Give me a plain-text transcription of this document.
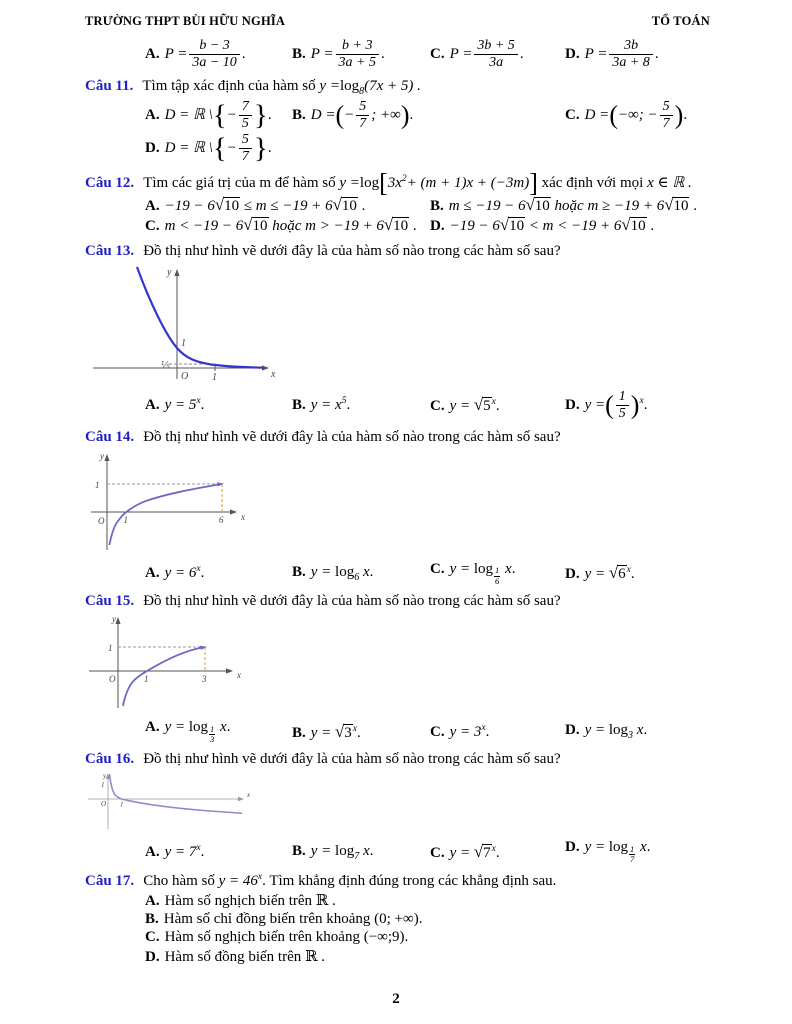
TRƯỜNG THPT BÙI HỮU NGHĨA	TỔ TOÁN
A. $P = \frac{b - 3}{3a - 10}$ .	B. $P = \frac{b + 3}{3a + 5}$ .	C. $P = \frac{3b + 5}{3a}$ .	D. $P = \frac{3b}{3a + 8}$ .
Câu 11. Tìm tập xác định của hàm số $y =\log_8(7x + 5)$ .
A. D = ℝ \{− $\frac{7}{5}$ }.	B. D =(− $\frac{5}{7}$ ; +∞).	C. D =(−∞; − $\frac{5}{7}$ ).
D. D = ℝ \{− $\frac{5}{7}$ }.
Câu 12. Tìm các giá trị của m để hàm số $y =\log[3x^2+ (m + 1)x + (-3m)]$ xác định với mọi x ∈ ℝ .
A. −19 − 6√10 ≤ m ≤ −19 + 6√10 .	B. m ≤ −19 − 6√10 hoặc m ≥ −19 + 6√10 .
C. m < −19 − 6√10 hoặc m > −19 + 6√10 . D. −19 − 6√10 < m < −19 + 6√10 .
Câu 13. Đồ thị như hình vẽ dưới đây là của hàm số nào trong các hàm số sau?
y
x
O
1
1
⅕
A. $y = 5^x$.	B. $y = x^5$.	C. $y = √5^x$.	D. y =( $\frac{1}{5} )^x$.
Câu 14. Đồ thị như hình vẽ dưới đây là của hàm số nào trong các hàm số sau?
y
x
O
1
1	6
A. $y = 6^x$.	B. $y = \log_6 x$.	C. $y = \log \frac{1}{6} x$.	D. $y = √6^x$.
Câu 15. Đồ thị như hình vẽ dưới đây là của hàm số nào trong các hàm số sau?
y
x
O
1
1	3
A. $y = \log \frac{1}{3} x$.	B. $y = √3^x$.	C. $y = 3^x$.	D. $y = \log_3 x$.
Câu 16. Đồ thị như hình vẽ dưới đây là của hàm số nào trong các hàm số sau?
y
x
O
1
1
A. $y = 7^x$.	B. $y = \log_7 x$.	C. $y = √7^x$.	D. $y = \log \frac{1}{7} x$.
Câu 17. Cho hàm số $y = 46^x$. Tìm khẳng định đúng trong các khẳng định sau.
A. Hàm số nghịch biến trên ℝ .
B. Hàm số chỉ đồng biến trên khoảng (0; +∞).
C. Hàm số nghịch biến trên khoảng (−∞;9).
D. Hàm số đồng biến trên ℝ .
2
